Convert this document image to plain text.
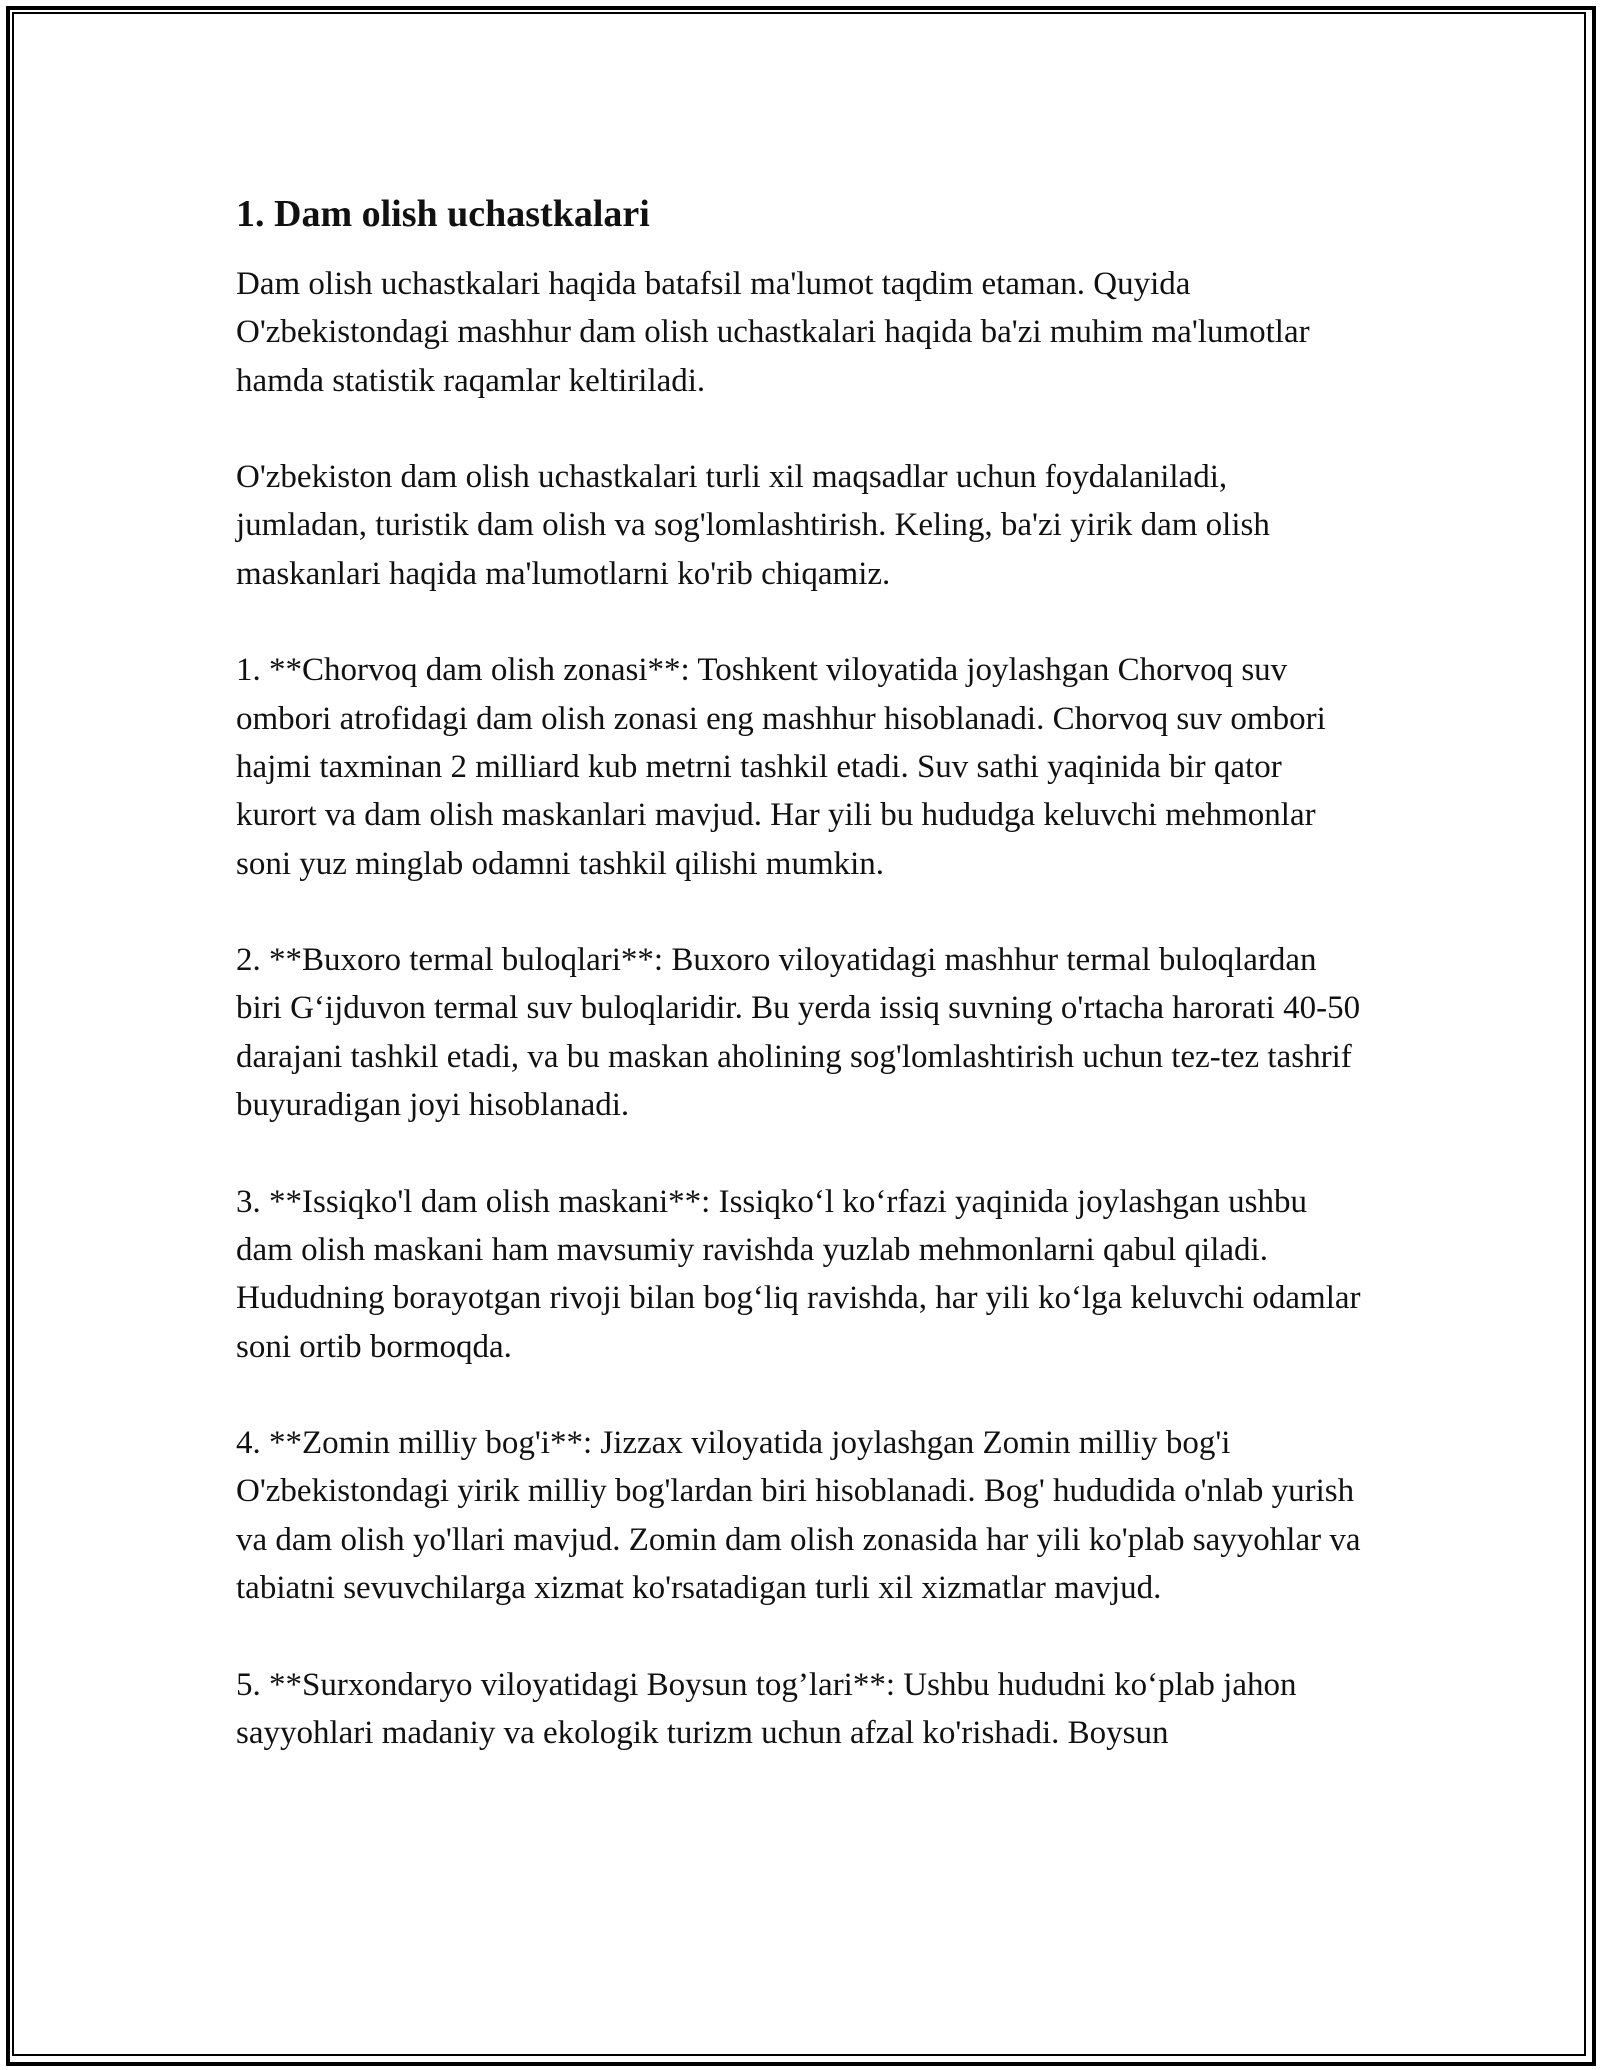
1. Dam olish uchastkalari

Dam olish uchastkalari haqida batafsil ma'lumot taqdim etaman. Quyida O'zbekistondagi mashhur dam olish uchastkalari haqida ba'zi muhim ma'lumotlar hamda statistik raqamlar keltiriladi.

O'zbekiston dam olish uchastkalari turli xil maqsadlar uchun foydalaniladi, jumladan, turistik dam olish va sog'lomlashtirish. Keling, ba'zi yirik dam olish maskanlari haqida ma'lumotlarni ko'rib chiqamiz.

1. **Chorvoq dam olish zonasi**: Toshkent viloyatida joylashgan Chorvoq suv ombori atrofidagi dam olish zonasi eng mashhur hisoblanadi. Chorvoq suv ombori hajmi taxminan 2 milliard kub metrni tashkil etadi. Suv sathi yaqinida bir qator kurort va dam olish maskanlari mavjud. Har yili bu hududga keluvchi mehmonlar soni yuz minglab odamni tashkil qilishi mumkin.

2. **Buxoro termal buloqlari**: Buxoro viloyatidagi mashhur termal buloqlardan biri G‘ijduvon termal suv buloqlaridir. Bu yerda issiq suvning o'rtacha harorati 40-50 darajani tashkil etadi, va bu maskan aholining sog'lomlashtirish uchun tez-tez tashrif buyuradigan joyi hisoblanadi.

3. **Issiqko'l dam olish maskani**: Issiqko‘l ko‘rfazi yaqinida joylashgan ushbu dam olish maskani ham mavsumiy ravishda yuzlab mehmonlarni qabul qiladi. Hududning borayotgan rivoji bilan bog‘liq ravishda, har yili ko‘lga keluvchi odamlar soni ortib bormoqda.

4. **Zomin milliy bog'i**: Jizzax viloyatida joylashgan Zomin milliy bog'i O'zbekistondagi yirik milliy bog'lardan biri hisoblanadi. Bog' hududida o'nlab yurish va dam olish yo'llari mavjud. Zomin dam olish zonasida har yili ko'plab sayyohlar va tabiatni sevuvchilarga xizmat ko'rsatadigan turli xil xizmatlar mavjud.

5. **Surxondaryo viloyatidagi Boysun tog’lari**: Ushbu hududni ko‘plab jahon sayyohlari madaniy va ekologik turizm uchun afzal ko'rishadi. Boysun
